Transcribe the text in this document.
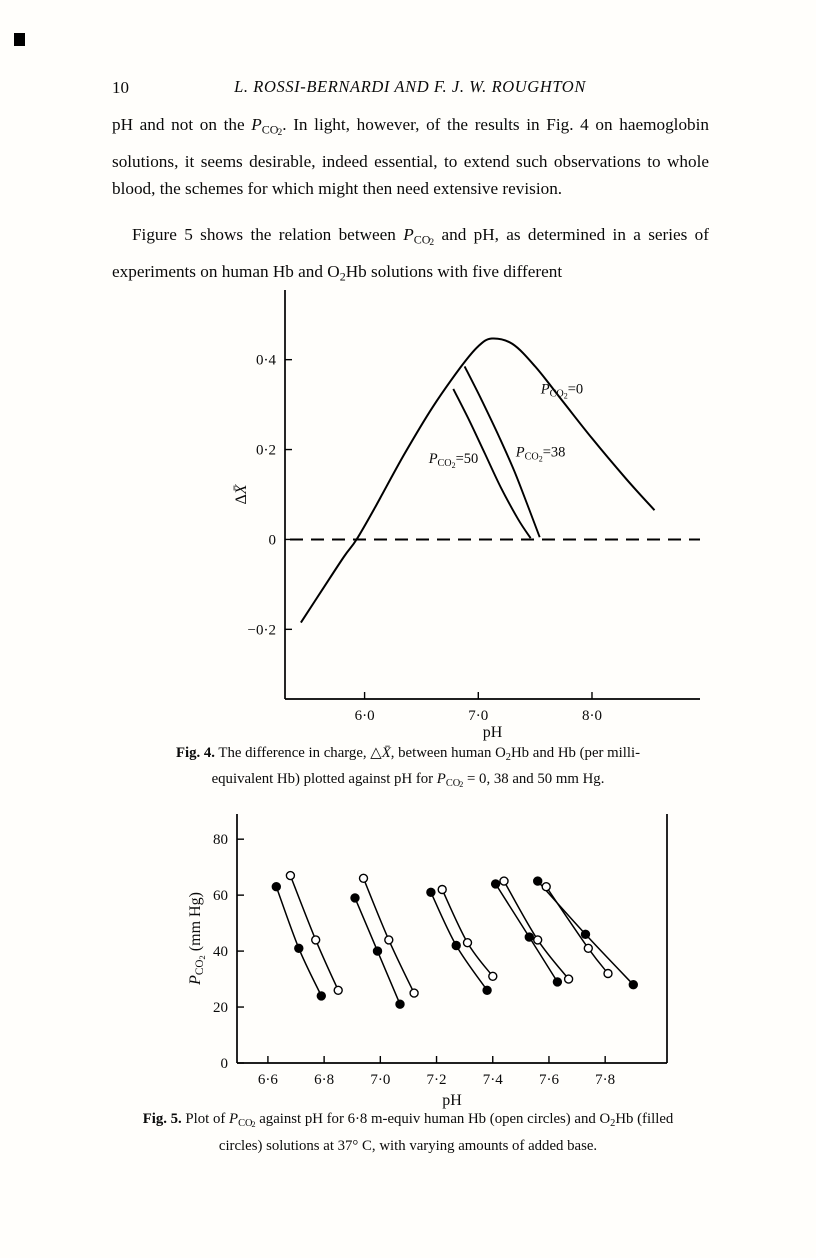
10	L. ROSSI-BERNARDI AND F. J. W. ROUGHTON

pH and not on the $P_{CO2}$. In light, however, of the results in Fig. 4 on haemoglobin solutions, it seems desirable, indeed essential, to extend such observations to whole blood, the schemes for which might then need extensive revision.

Figure 5 shows the relation between $P_{CO2}$ and pH, as determined in a series of experiments on human Hb and $O_2Hb$ solutions with five different

6·0	7·0	8·0
0·4
0·2
0
−0·2
$P_{CO}2=0$
$P_{CO}2=50$	$P_{CO}2=38$
pH
ΔX̄

Fig. 4. The difference in charge, △X̄, between human $O_2Hb$ and Hb (per milli-equivalent Hb) plotted against pH for $P_{CO2} = 0$, 38 and 50 mm Hg.

6·6 6·8 7·0 7·2 7·4 7·6 7·8
0
20
40
60
80
pH
PCO2 (mm Hg)

Fig. 5. Plot of $P_{CO2}$ against pH for 6·8 m-equiv human Hb (open circles) and $O_2Hb$ (filled circles) solutions at 37° C, with varying amounts of added base.
